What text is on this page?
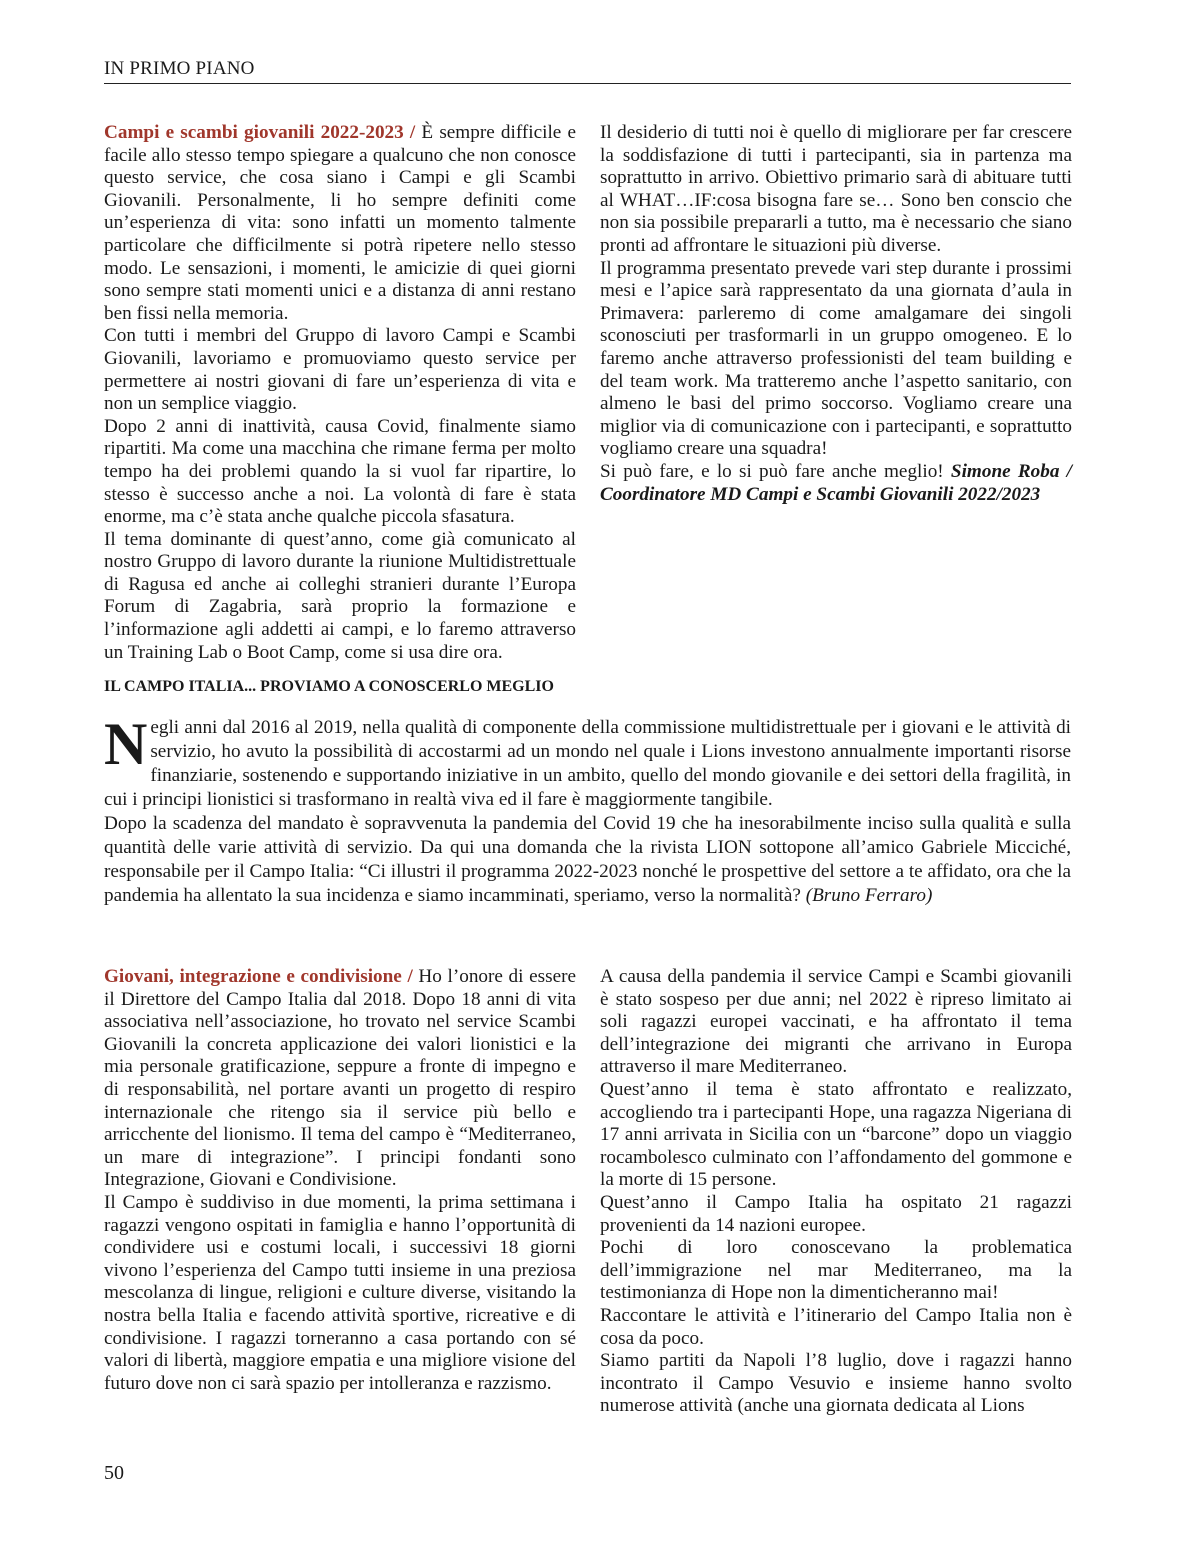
IN PRIMO PIANO

Campi e scambi giovanili 2022-2023 / È sempre difficile e facile allo stesso tempo spiegare a qualcuno che non conosce questo service, che cosa siano i Campi e gli Scambi Giovanili. Personalmente, li ho sempre definiti come un’esperienza di vita: sono infatti un momento talmente particolare che difficilmente si potrà ripetere nello stesso modo. Le sensazioni, i momenti, le amicizie di quei giorni sono sempre stati momenti unici e a distanza di anni restano ben fissi nella memoria.

Con tutti i membri del Gruppo di lavoro Campi e Scambi Giovanili, lavoriamo e promuoviamo questo service per permettere ai nostri giovani di fare un’esperienza di vita e non un semplice viaggio.

Dopo 2 anni di inattività, causa Covid, finalmente siamo ripartiti. Ma come una macchina che rimane ferma per molto tempo ha dei problemi quando la si vuol far ripartire, lo stesso è successo anche a noi. La volontà di fare è stata enorme, ma c’è stata anche qualche piccola sfasatura.

Il tema dominante di quest’anno, come già comunicato al nostro Gruppo di lavoro durante la riunione Multidistrettuale di Ragusa ed anche ai colleghi stranieri durante l’Europa Forum di Zagabria, sarà proprio la formazione e l’informazione agli addetti ai campi, e lo faremo attraverso un Training Lab o Boot Camp, come si usa dire ora.

Il desiderio di tutti noi è quello di migliorare per far crescere la soddisfazione di tutti i partecipanti, sia in partenza ma soprattutto in arrivo. Obiettivo primario sarà di abituare tutti al WHAT…IF:cosa bisogna fare se… Sono ben conscio che non sia possibile prepararli a tutto, ma è necessario che siano pronti ad affrontare le situazioni più diverse.

Il programma presentato prevede vari step durante i prossimi mesi e l’apice sarà rappresentato da una giornata d’aula in Primavera: parleremo di come amalgamare dei singoli sconosciuti per trasformarli in un gruppo omogeneo. E lo faremo anche attraverso professionisti del team building e del team work. Ma tratteremo anche l’aspetto sanitario, con almeno le basi del primo soccorso. Vogliamo creare una miglior via di comunicazione con i partecipanti, e soprattutto vogliamo creare una squadra!

Si può fare, e lo si può fare anche meglio! Simone Roba / Coordinatore MD Campi e Scambi Giovanili 2022/2023

IL CAMPO ITALIA... PROVIAMO A CONOSCERLO MEGLIO

Negli anni dal 2016 al 2019, nella qualità di componente della commissione multidistrettuale per i giovani e le attività di servizio, ho avuto la possibilità di accostarmi ad un mondo nel quale i Lions investono annualmente importanti risorse finanziarie, sostenendo e supportando iniziative in un ambito, quello del mondo giovanile e dei settori della fragilità, in cui i principi lionistici si trasformano in realtà viva ed il fare è maggiormente tangibile.

Dopo la scadenza del mandato è sopravvenuta la pandemia del Covid 19 che ha inesorabilmente inciso sulla qualità e sulla quantità delle varie attività di servizio. Da qui una domanda che la rivista LION sottopone all’amico Gabriele Micciché, responsabile per il Campo Italia: “Ci illustri il programma 2022-2023 nonché le prospettive del settore a te affidato, ora che la pandemia ha allentato la sua incidenza e siamo incamminati, speriamo, verso la normalità? (Bruno Ferraro)

Giovani, integrazione e condivisione / Ho l’onore di essere il Direttore del Campo Italia dal 2018. Dopo 18 anni di vita associativa nell’associazione, ho trovato nel service Scambi Giovanili la concreta applicazione dei valori lionistici e la mia personale gratificazione, seppure a fronte di impegno e di responsabilità, nel portare avanti un progetto di respiro internazionale che ritengo sia il service più bello e arricchente del lionismo. Il tema del campo è “Mediterraneo, un mare di integrazione”. I principi fondanti sono Integrazione, Giovani e Condivisione.

Il Campo è suddiviso in due momenti, la prima settimana i ragazzi vengono ospitati in famiglia e hanno l’opportunità di condividere usi e costumi locali, i successivi 18 giorni vivono l’esperienza del Campo tutti insieme in una preziosa mescolanza di lingue, religioni e culture diverse, visitando la nostra bella Italia e facendo attività sportive, ricreative e di condivisione. I ragazzi torneranno a casa portando con sé valori di libertà, maggiore empatia e una migliore visione del futuro dove non ci sarà spazio per intolleranza e razzismo.

A causa della pandemia il service Campi e Scambi giovanili è stato sospeso per due anni; nel 2022 è ripreso limitato ai soli ragazzi europei vaccinati, e ha affrontato il tema dell’integrazione dei migranti che arrivano in Europa attraverso il mare Mediterraneo.

Quest’anno il tema è stato affrontato e realizzato, accogliendo tra i partecipanti Hope, una ragazza Nigeriana di 17 anni arrivata in Sicilia con un “barcone” dopo un viaggio rocambolesco culminato con l’affondamento del gommone e la morte di 15 persone.

Quest’anno il Campo Italia ha ospitato 21 ragazzi provenienti da 14 nazioni europee.

Pochi di loro conoscevano la problematica dell’immigrazione nel mar Mediterraneo, ma la testimonianza di Hope non la dimenticheranno mai!

Raccontare le attività e l’itinerario del Campo Italia non è cosa da poco.

Siamo partiti da Napoli l’8 luglio, dove i ragazzi hanno incontrato il Campo Vesuvio e insieme hanno svolto numerose attività (anche una giornata dedicata al Lions

50
